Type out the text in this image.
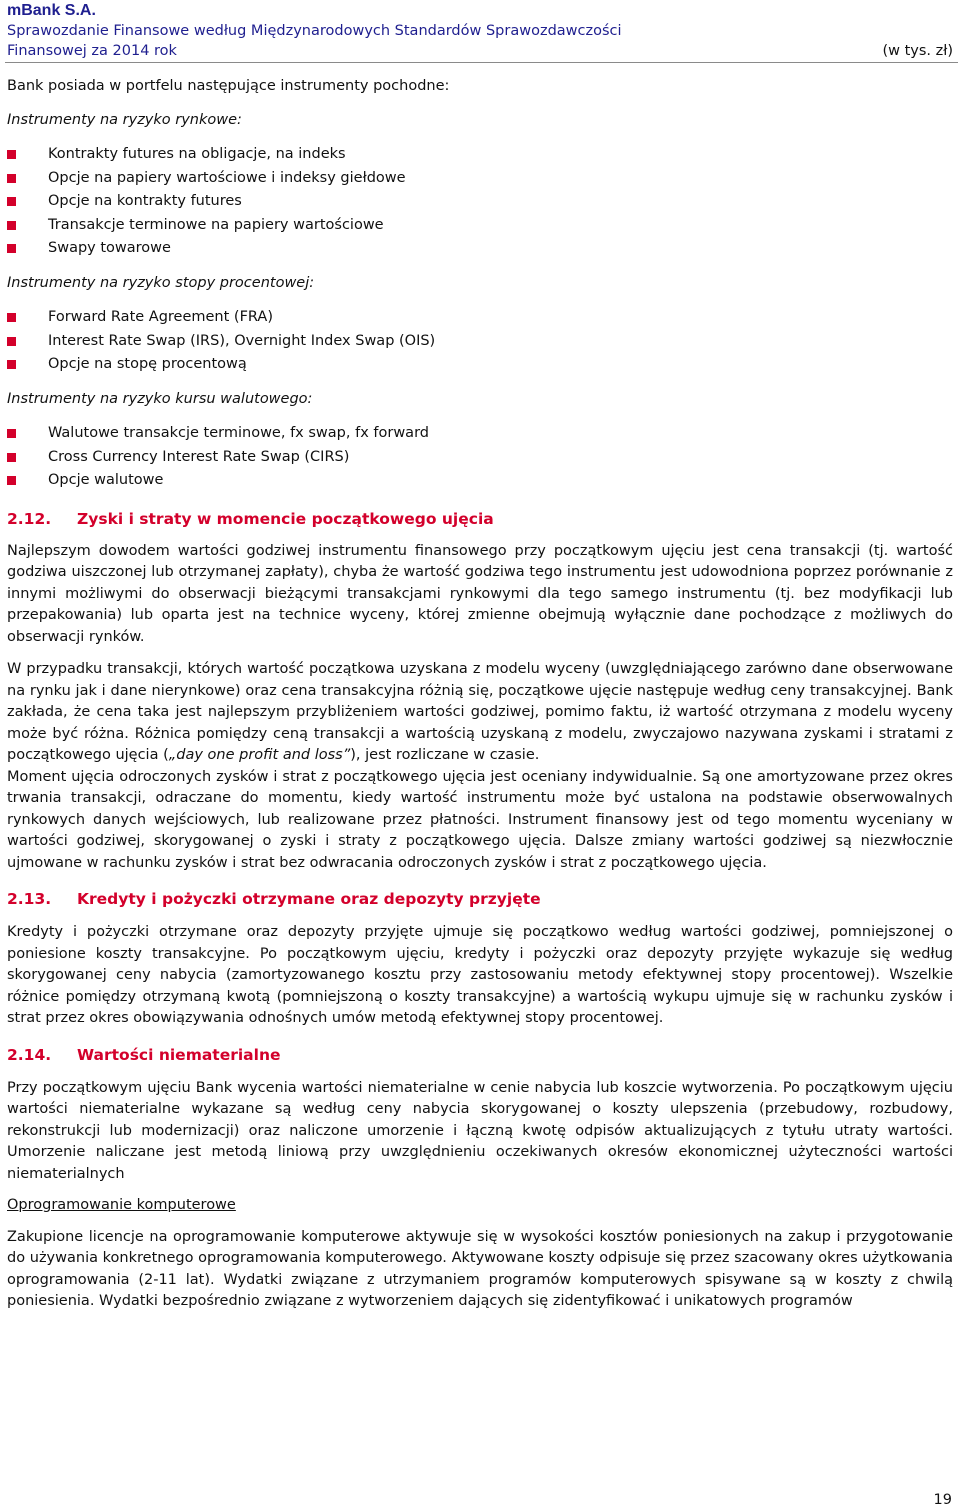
mBank S.A.
Sprawozdanie Finansowe według Międzynarodowych Standardów Sprawozdawczości
Finansowej za 2014 rok	(w tys. zł)

Bank posiada w portfelu następujące instrumenty pochodne:

Instrumenty na ryzyko rynkowe:

Kontrakty futures na obligacje, na indeks
Opcje na papiery wartościowe i indeksy giełdowe
Opcje na kontrakty futures
Transakcje terminowe na papiery wartościowe
Swapy towarowe

Instrumenty na ryzyko stopy procentowej:

Forward Rate Agreement (FRA)
Interest Rate Swap (IRS), Overnight Index Swap (OIS)
Opcje na stopę procentową

Instrumenty na ryzyko kursu walutowego:

Walutowe transakcje terminowe, fx swap, fx forward
Cross Currency Interest Rate Swap (CIRS)
Opcje walutowe
2.12.	Zyski i straty w momencie początkowego ujęcia

Najlepszym dowodem wartości godziwej instrumentu finansowego przy początkowym ujęciu jest cena transakcji (tj. wartość godziwa uiszczonej lub otrzymanej zapłaty), chyba że wartość godziwa tego instrumentu jest udowodniona poprzez porównanie z innymi możliwymi do obserwacji bieżącymi transakcjami rynkowymi dla tego samego instrumentu (tj. bez modyfikacji lub przepakowania) lub oparta jest na technice wyceny, której zmienne obejmują wyłącznie dane pochodzące z możliwych do obserwacji rynków.

W przypadku transakcji, których wartość początkowa uzyskana z modelu wyceny (uwzględniającego zarówno dane obserwowane na rynku jak i dane nierynkowe) oraz cena transakcyjna różnią się, początkowe ujęcie następuje według ceny transakcyjnej. Bank zakłada, że cena taka jest najlepszym przybliżeniem wartości godziwej, pomimo faktu, iż wartość otrzymana z modelu wyceny może być różna. Różnica pomiędzy ceną transakcji a wartością uzyskaną z modelu, zwyczajowo nazywana zyskami i stratami z początkowego ujęcia („day one profit and loss”), jest rozliczane w czasie.

Moment ujęcia odroczonych zysków i strat z początkowego ujęcia jest oceniany indywidualnie. Są one amortyzowane przez okres trwania transakcji, odraczane do momentu, kiedy wartość instrumentu może być ustalona na podstawie obserwowalnych rynkowych danych wejściowych, lub realizowane przez płatności. Instrument finansowy jest od tego momentu wyceniany w wartości godziwej, skorygowanej o zyski i straty z początkowego ujęcia. Dalsze zmiany wartości godziwej są niezwłocznie ujmowane w rachunku zysków i strat bez odwracania odroczonych zysków i strat z początkowego ujęcia.

2.13.	Kredyty i pożyczki otrzymane oraz depozyty przyjęte

Kredyty i pożyczki otrzymane oraz depozyty przyjęte ujmuje się początkowo według wartości godziwej, pomniejszonej o poniesione koszty transakcyjne. Po początkowym ujęciu, kredyty i pożyczki oraz depozyty przyjęte wykazuje się według skorygowanej ceny nabycia (zamortyzowanego kosztu przy zastosowaniu metody efektywnej stopy procentowej). Wszelkie różnice pomiędzy otrzymaną kwotą (pomniejszoną o koszty transakcyjne) a wartością wykupu ujmuje się w rachunku zysków i strat przez okres obowiązywania odnośnych umów metodą efektywnej stopy procentowej.

2.14.	Wartości niematerialne

Przy początkowym ujęciu Bank wycenia wartości niematerialne w cenie nabycia lub koszcie wytworzenia. Po początkowym ujęciu wartości niematerialne wykazane są według ceny nabycia skorygowanej o koszty ulepszenia (przebudowy, rozbudowy, rekonstrukcji lub modernizacji) oraz naliczone umorzenie i łączną kwotę odpisów aktualizujących z tytułu utraty wartości. Umorzenie naliczane jest metodą liniową przy uwzględnieniu oczekiwanych okresów ekonomicznej użyteczności wartości niematerialnych

Oprogramowanie komputerowe

Zakupione licencje na oprogramowanie komputerowe aktywuje się w wysokości kosztów poniesionych na zakup i przygotowanie do używania konkretnego oprogramowania komputerowego. Aktywowane koszty odpisuje się przez szacowany okres użytkowania oprogramowania (2-11 lat). Wydatki związane z utrzymaniem programów komputerowych spisywane są w koszty z chwilą poniesienia. Wydatki bezpośrednio związane z wytworzeniem dających się zidentyfikować i unikatowych programów

19
